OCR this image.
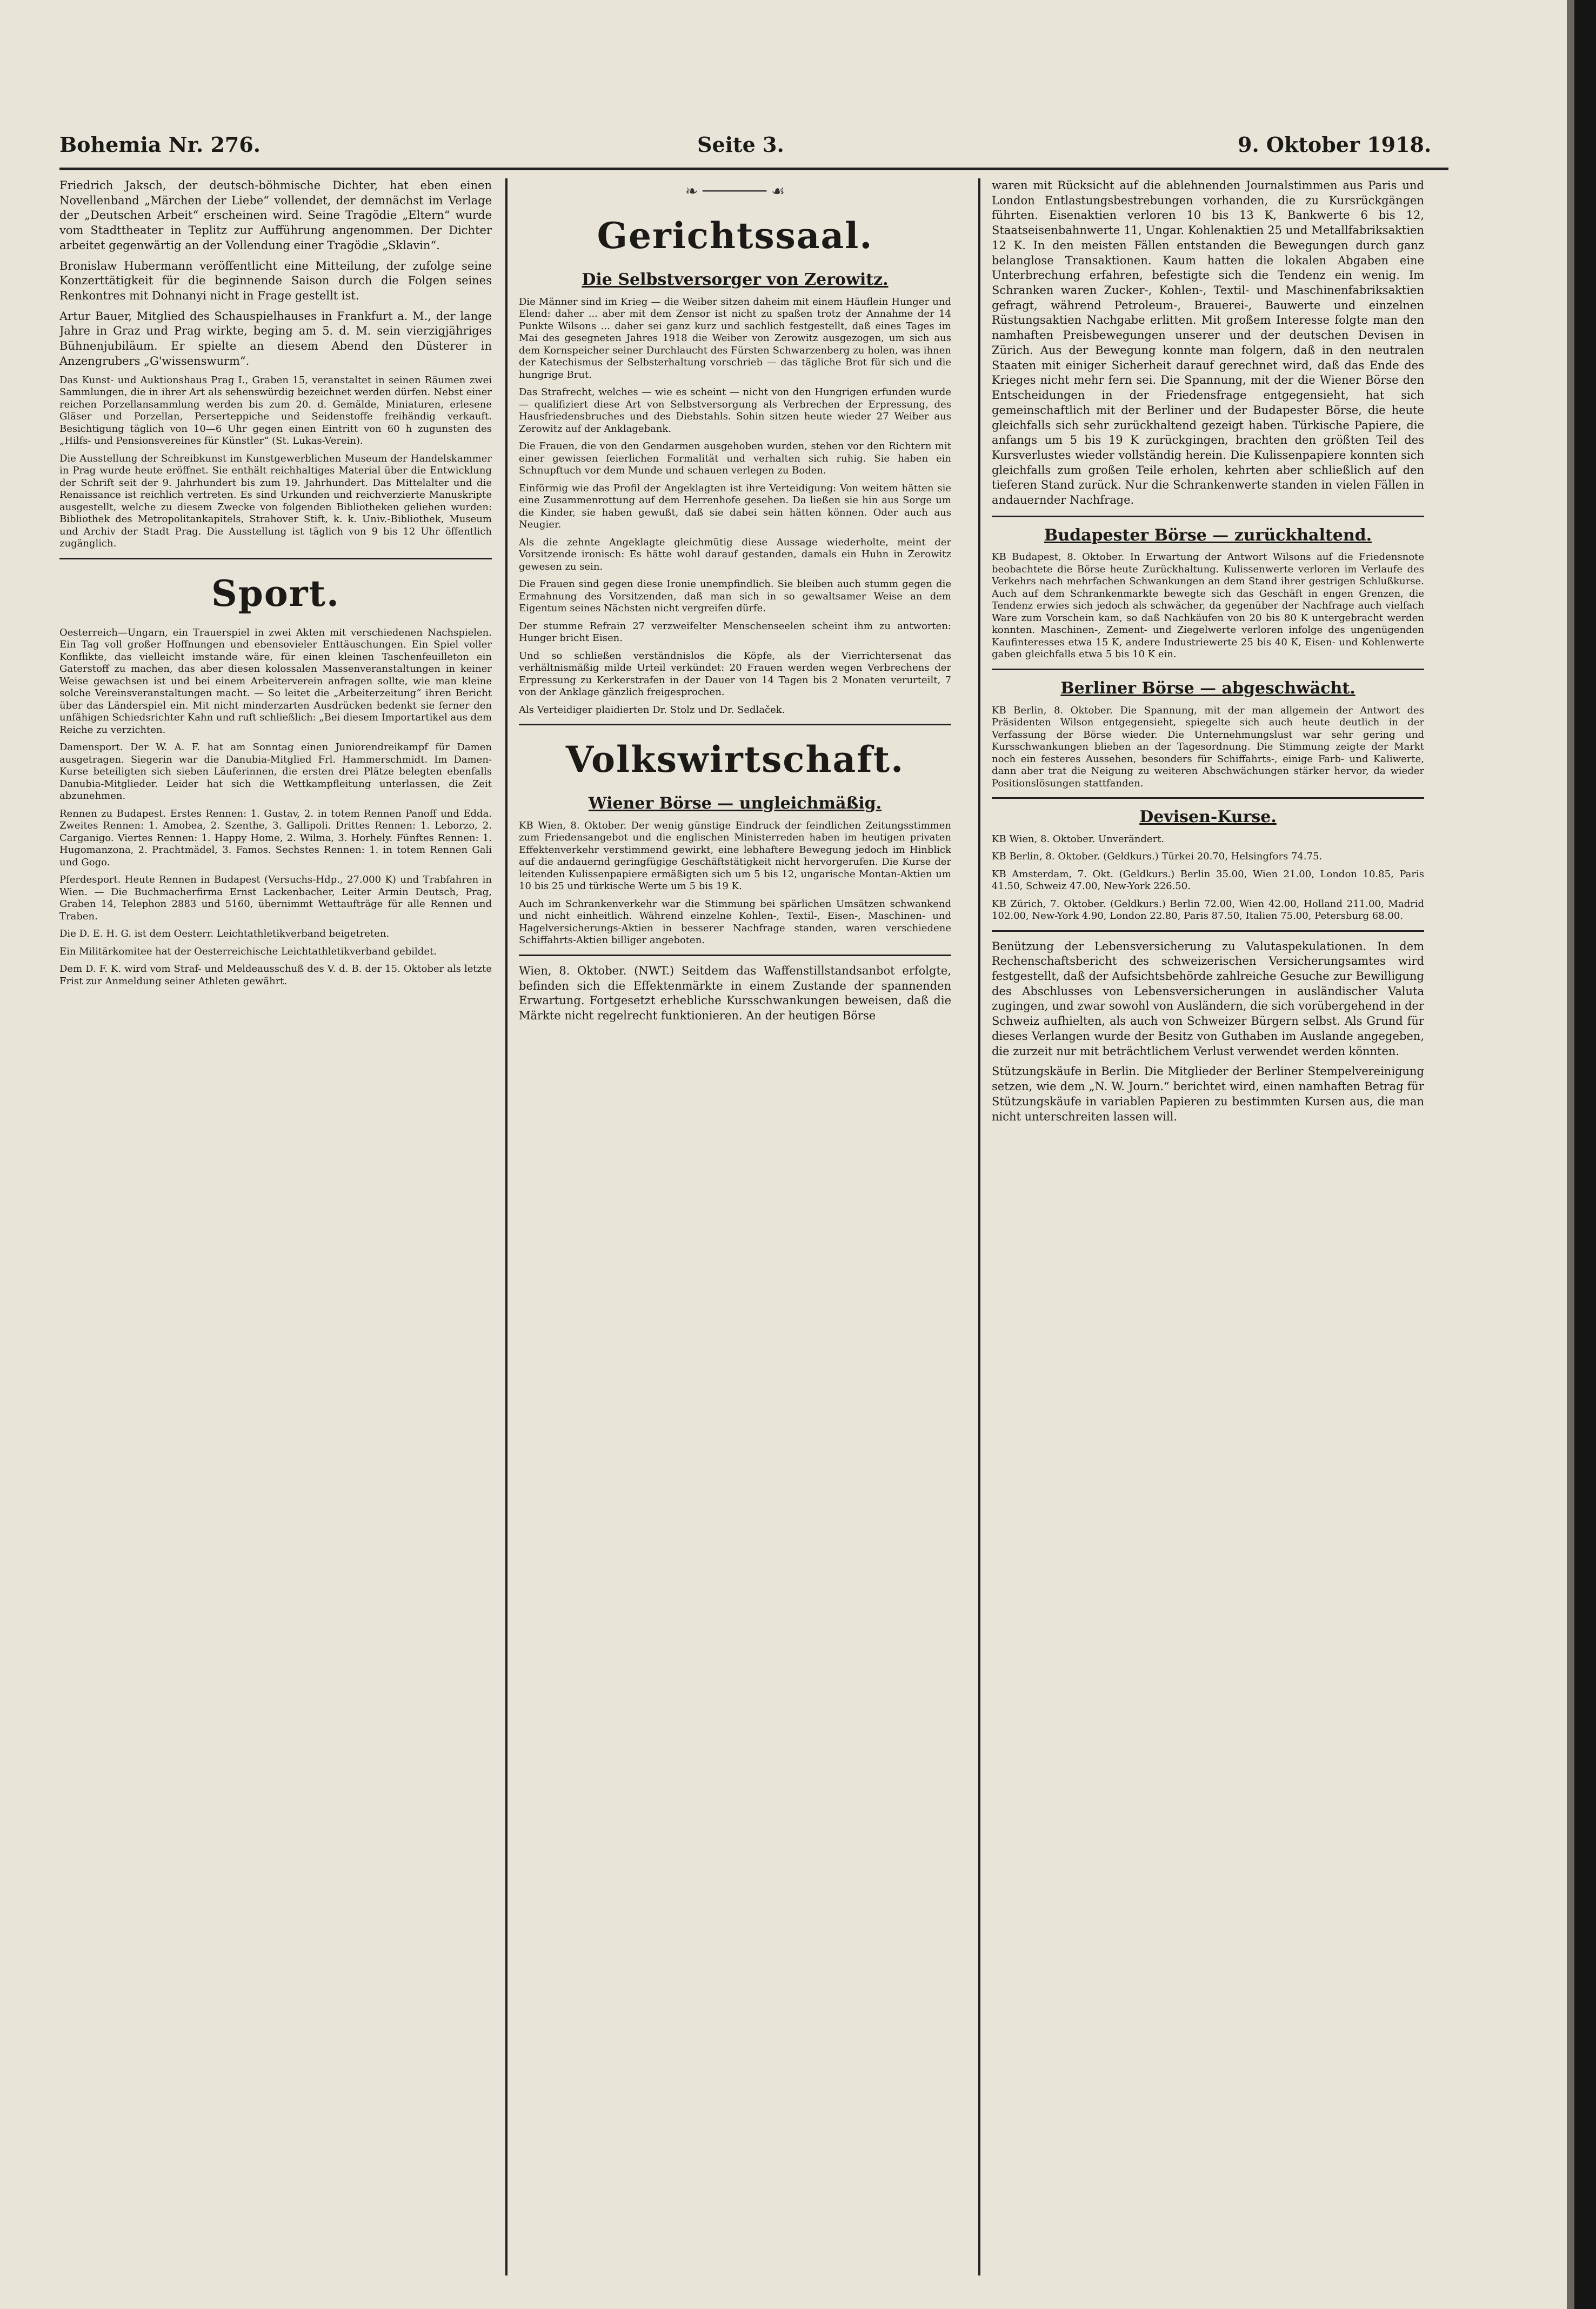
Bohemia Nr. 276.	Seite 3.	9. Oktober 1918.

Friedrich Jaksch, der deutsch-böhmische Dichter, hat eben einen Novellenband „Märchen der Liebe“ vollendet, der demnächst im Verlage der „Deutschen Arbeit“ erscheinen wird. Seine Tragödie „Eltern“ wurde vom Stadttheater in Teplitz zur Aufführung angenommen. Der Dichter arbeitet gegenwärtig an der Vollendung einer Tragödie „Sklavin“.

Bronislaw Hubermann veröffentlicht eine Mitteilung, der zufolge seine Konzerttätigkeit für die beginnende Saison durch die Folgen seines Renkontres mit Dohnanyi nicht in Frage gestellt ist.

Artur Bauer, Mitglied des Schauspielhauses in Frankfurt a. M., der lange Jahre in Graz und Prag wirkte, beging am 5. d. M. sein vierzigjähriges Bühnenjubiläum. Er spielte an diesem Abend den Düsterer in Anzengrubers „G'wissenswurm“.

Das Kunst- und Auktionshaus Prag I., Graben 15, veranstaltet in seinen Räumen zwei Sammlungen, die in ihrer Art als sehenswürdig bezeichnet werden dürfen. Nebst einer reichen Porzellansammlung werden bis zum 20. d. Gemälde, Miniaturen, erlesene Gläser und Porzellan, Perserteppiche und Seidenstoffe freihändig verkauft. Besichtigung täglich von 10—6 Uhr gegen einen Eintritt von 60 h zugunsten des „Hilfs- und Pensionsvereines für Künstler“ (St. Lukas-Verein).

Die Ausstellung der Schreibkunst im Kunstgewerblichen Museum der Handelskammer in Prag wurde heute eröffnet. Sie enthält reichhaltiges Material über die Entwicklung der Schrift seit der 9. Jahrhundert bis zum 19. Jahrhundert. Das Mittelalter und die Renaissance ist reichlich vertreten. Es sind Urkunden und reichverzierte Manuskripte ausgestellt, welche zu diesem Zwecke von folgenden Bibliotheken geliehen wurden: Bibliothek des Metropolitankapitels, Strahover Stift, k. k. Univ.-Bibliothek, Museum und Archiv der Stadt Prag. Die Ausstellung ist täglich von 9 bis 12 Uhr öffentlich zugänglich.

Sport.

Oesterreich—Ungarn, ein Trauerspiel in zwei Akten mit verschiedenen Nachspielen. Ein Tag voll großer Hoffnungen und ebensovieler Enttäuschungen. Ein Spiel voller Konflikte, das vielleicht imstande wäre, für einen kleinen Taschenfeuilleton ein Gaterstoff zu machen, das aber diesen kolossalen Massenveranstaltungen in keiner Weise gewachsen ist und bei einem Arbeiterverein anfragen sollte, wie man kleine solche Vereinsveranstaltungen macht. — So leitet die „Arbeiterzeitung“ ihren Bericht über das Länderspiel ein. Mit nicht minderzarten Ausdrücken bedenkt sie ferner den unfähigen Schiedsrichter Kahn und ruft schließlich: „Bei diesem Importartikel aus dem Reiche zu verzichten.

Damensport. Der W. A. F. hat am Sonntag einen Juniorendreikampf für Damen ausgetragen. Siegerin war die Danubia-Mitglied Frl. Hammerschmidt. Im Damen-Kurse beteiligten sich sieben Läuferinnen, die ersten drei Plätze belegten ebenfalls Danubia-Mitglieder. Leider hat sich die Wettkampfleitung unterlassen, die Zeit abzunehmen.

Rennen zu Budapest. Erstes Rennen: 1. Gustav, 2. in totem Rennen Panoff und Edda. Zweites Rennen: 1. Amobea, 2. Szenthe, 3. Gallipoli. Drittes Rennen: 1. Leborzo, 2. Carganigo. Viertes Rennen: 1. Happy Home, 2. Wilma, 3. Horhely. Fünftes Rennen: 1. Hugomanzona, 2. Prachtmädel, 3. Famos. Sechstes Rennen: 1. in totem Rennen Gali und Gogo.

Pferdesport. Heute Rennen in Budapest (Versuchs-Hdp., 27.000 K) und Trabfahren in Wien. — Die Buchmacherfirma Ernst Lackenbacher, Leiter Armin Deutsch, Prag, Graben 14, Telephon 2883 und 5160, übernimmt Wettaufträge für alle Rennen und Traben.

Die D. E. H. G. ist dem Oesterr. Leichtathletikverband beigetreten.

Ein Militärkomitee hat der Oesterreichische Leichtathletikverband gebildet.

Dem D. F. K. wird vom Straf- und Meldeausschuß des V. d. B. der 15. Oktober als letzte Frist zur Anmeldung seiner Athleten gewährt.

❧ ─────── ☙
Gerichtssaal.
Die Selbstversorger von Zerowitz.

Die Männer sind im Krieg — die Weiber sitzen daheim mit einem Häuflein Hunger und Elend: daher ... aber mit dem Zensor ist nicht zu spaßen trotz der Annahme der 14 Punkte Wilsons ... daher sei ganz kurz und sachlich festgestellt, daß eines Tages im Mai des gesegneten Jahres 1918 die Weiber von Zerowitz ausgezogen, um sich aus dem Kornspeicher seiner Durchlaucht des Fürsten Schwarzenberg zu holen, was ihnen der Katechismus der Selbsterhaltung vorschrieb — das tägliche Brot für sich und die hungrige Brut.

Das Strafrecht, welches — wie es scheint — nicht von den Hungrigen erfunden wurde — qualifiziert diese Art von Selbstversorgung als Verbrechen der Erpressung, des Hausfriedensbruches und des Diebstahls. Sohin sitzen heute wieder 27 Weiber aus Zerowitz auf der Anklagebank.

Die Frauen, die von den Gendarmen ausgehoben wurden, stehen vor den Richtern mit einer gewissen feierlichen Formalität und verhalten sich ruhig. Sie haben ein Schnupftuch vor dem Munde und schauen verlegen zu Boden.

Einförmig wie das Profil der Angeklagten ist ihre Verteidigung: Von weitem hätten sie eine Zusammenrottung auf dem Herrenhofe gesehen. Da ließen sie hin aus Sorge um die Kinder, sie haben gewußt, daß sie dabei sein hätten können. Oder auch aus Neugier.

Als die zehnte Angeklagte gleichmütig diese Aussage wiederholte, meint der Vorsitzende ironisch: Es hätte wohl darauf gestanden, damals ein Huhn in Zerowitz gewesen zu sein.

Die Frauen sind gegen diese Ironie unempfindlich. Sie bleiben auch stumm gegen die Ermahnung des Vorsitzenden, daß man sich in so gewaltsamer Weise an dem Eigentum seines Nächsten nicht vergreifen dürfe.

Der stumme Refrain 27 verzweifelter Menschenseelen scheint ihm zu antworten: Hunger bricht Eisen.

Und so schließen verständnislos die Köpfe, als der Vierrichtersenat das verhältnismäßig milde Urteil verkündet: 20 Frauen werden wegen Verbrechens der Erpressung zu Kerkerstrafen in der Dauer von 14 Tagen bis 2 Monaten verurteilt, 7 von der Anklage gänzlich freigesprochen.

Als Verteidiger plaidierten Dr. Stolz und Dr. Sedlaček.

Volkswirtschaft.
Wiener Börse — ungleichmäßig.

KB Wien, 8. Oktober. Der wenig günstige Eindruck der feindlichen Zeitungsstimmen zum Friedensangebot und die englischen Ministerreden haben im heutigen privaten Effektenverkehr verstimmend gewirkt, eine lebhaftere Bewegung jedoch im Hinblick auf die andauernd geringfügige Geschäftstätigkeit nicht hervorgerufen. Die Kurse der leitenden Kulissenpapiere ermäßigten sich um 5 bis 12, ungarische Montan-Aktien um 10 bis 25 und türkische Werte um 5 bis 19 K.

Auch im Schrankenverkehr war die Stimmung bei spärlichen Umsätzen schwankend und nicht einheitlich. Während einzelne Kohlen-, Textil-, Eisen-, Maschinen- und Hagelversicherungs-Aktien in besserer Nachfrage standen, waren verschiedene Schiffahrts-Aktien billiger angeboten.

Wien, 8. Oktober. (NWT.) Seitdem das Waffenstillstandsanbot erfolgte, befinden sich die Effektenmärkte in einem Zustande der spannenden Erwartung. Fortgesetzt erhebliche Kursschwankungen beweisen, daß die Märkte nicht regelrecht funktionieren. An der heutigen Börse

waren mit Rücksicht auf die ablehnenden Journalstimmen aus Paris und London Entlastungsbestrebungen vorhanden, die zu Kursrückgängen führten. Eisenaktien verloren 10 bis 13 K, Bankwerte 6 bis 12, Staatseisenbahnwerte 11, Ungar. Kohlenaktien 25 und Metallfabriksaktien 12 K. In den meisten Fällen entstanden die Bewegungen durch ganz belanglose Transaktionen. Kaum hatten die lokalen Abgaben eine Unterbrechung erfahren, befestigte sich die Tendenz ein wenig. Im Schranken waren Zucker-, Kohlen-, Textil- und Maschinenfabriksaktien gefragt, während Petroleum-, Brauerei-, Bauwerte und einzelnen Rüstungsaktien Nachgabe erlitten. Mit großem Interesse folgte man den namhaften Preisbewegungen unserer und der deutschen Devisen in Zürich. Aus der Bewegung konnte man folgern, daß in den neutralen Staaten mit einiger Sicherheit darauf gerechnet wird, daß das Ende des Krieges nicht mehr fern sei. Die Spannung, mit der die Wiener Börse den Entscheidungen in der Friedensfrage entgegensieht, hat sich gemeinschaftlich mit der Berliner und der Budapester Börse, die heute gleichfalls sich sehr zurückhaltend gezeigt haben. Türkische Papiere, die anfangs um 5 bis 19 K zurückgingen, brachten den größten Teil des Kursverlustes wieder vollständig herein. Die Kulissenpapiere konnten sich gleichfalls zum großen Teile erholen, kehrten aber schließlich auf den tieferen Stand zurück. Nur die Schrankenwerte standen in vielen Fällen in andauernder Nachfrage.

Budapester Börse — zurückhaltend.

KB Budapest, 8. Oktober. In Erwartung der Antwort Wilsons auf die Friedensnote beobachtete die Börse heute Zurückhaltung. Kulissenwerte verloren im Verlaufe des Verkehrs nach mehrfachen Schwankungen an dem Stand ihrer gestrigen Schlußkurse. Auch auf dem Schrankenmarkte bewegte sich das Geschäft in engen Grenzen, die Tendenz erwies sich jedoch als schwächer, da gegenüber der Nachfrage auch vielfach Ware zum Vorschein kam, so daß Nachkäufen von 20 bis 80 K untergebracht werden konnten. Maschinen-, Zement- und Ziegelwerte verloren infolge des ungenügenden Kaufinteresses etwa 15 K, andere Industriewerte 25 bis 40 K, Eisen- und Kohlenwerte gaben gleichfalls etwa 5 bis 10 K ein.

Berliner Börse — abgeschwächt.

KB Berlin, 8. Oktober. Die Spannung, mit der man allgemein der Antwort des Präsidenten Wilson entgegensieht, spiegelte sich auch heute deutlich in der Verfassung der Börse wieder. Die Unternehmungslust war sehr gering und Kursschwankungen blieben an der Tagesordnung. Die Stimmung zeigte der Markt noch ein festeres Aussehen, besonders für Schiffahrts-, einige Farb- und Kaliwerte, dann aber trat die Neigung zu weiteren Abschwächungen stärker hervor, da wieder Positionslösungen stattfanden.

Devisen-Kurse.

KB Wien, 8. Oktober. Unverändert.

KB Berlin, 8. Oktober. (Geldkurs.) Türkei 20.70, Helsingfors 74.75.

KB Amsterdam, 7. Okt. (Geldkurs.) Berlin 35.00, Wien 21.00, London 10.85, Paris 41.50, Schweiz 47.00, New-York 226.50.

KB Zürich, 7. Oktober. (Geldkurs.) Berlin 72.00, Wien 42.00, Holland 211.00, Madrid 102.00, New-York 4.90, London 22.80, Paris 87.50, Italien 75.00, Petersburg 68.00.

Benützung der Lebensversicherung zu Valutaspekulationen. In dem Rechenschaftsbericht des schweizerischen Versicherungsamtes wird festgestellt, daß der Aufsichtsbehörde zahlreiche Gesuche zur Bewilligung des Abschlusses von Lebensversicherungen in ausländischer Valuta zugingen, und zwar sowohl von Ausländern, die sich vorübergehend in der Schweiz aufhielten, als auch von Schweizer Bürgern selbst. Als Grund für dieses Verlangen wurde der Besitz von Guthaben im Auslande angegeben, die zurzeit nur mit beträchtlichem Verlust verwendet werden könnten.

Stützungskäufe in Berlin. Die Mitglieder der Berliner Stempelvereinigung setzen, wie dem „N. W. Journ.“ berichtet wird, einen namhaften Betrag für Stützungskäufe in variablen Papieren zu bestimmten Kursen aus, die man nicht unterschreiten lassen will.
